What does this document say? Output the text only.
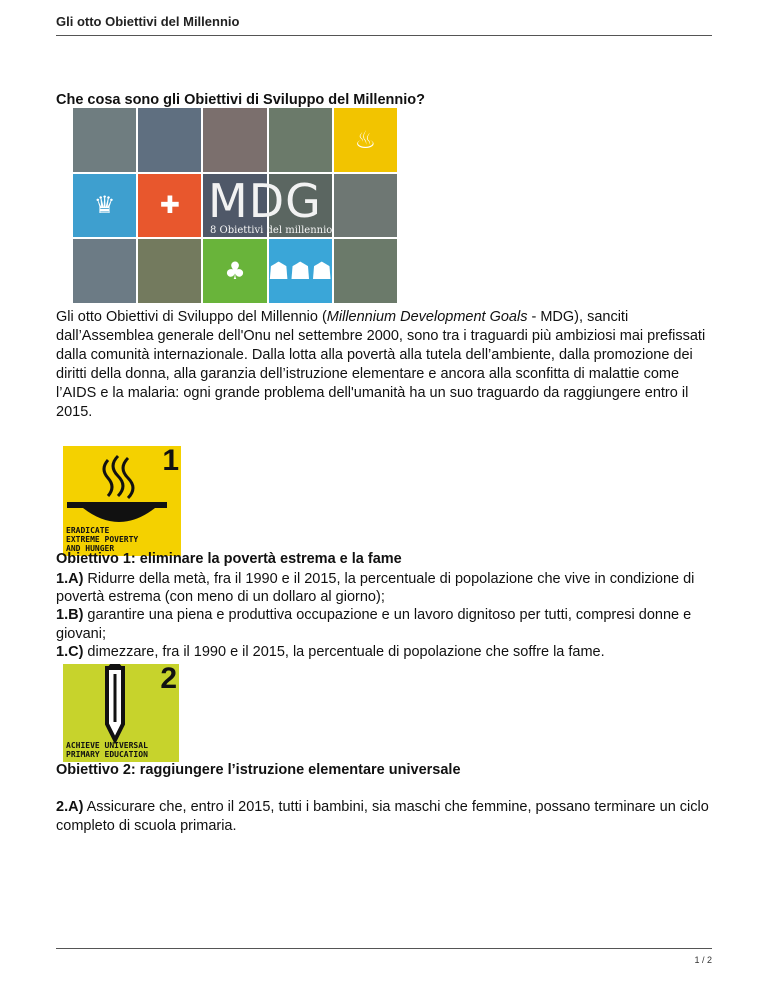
Gli otto Obiettivi del Millennio
Che cosa sono gli Obiettivi di Sviluppo del Millennio?
♨
♛	✚
♣ ☗☗☗
MDG
8 Obiettivi del millennio
Gli otto Obiettivi di Sviluppo del Millennio (Millennium Development Goals - MDG), sanciti dall’Assemblea generale dell'Onu nel settembre 2000, sono tra i traguardi più ambiziosi mai prefissati dalla comunità internazionale. Dalla lotta alla povertà alla tutela dell’ambiente, dalla promozione dei diritti della donna, alla garanzia dell’istruzione elementare e ancora alla sconfitta di malattie come l’AIDS e la malaria: ogni grande problema dell'umanità ha un suo traguardo da raggiungere entro il 2015.
1
ERADICATE
EXTREME POVERTY
AND HUNGER
Obiettivo 1: eliminare la povertà estrema e la fame
1.A) Ridurre della metà, fra il 1990 e il 2015, la percentuale di popolazione che vive in condizione di povertà estrema (con meno di un dollaro al giorno);
1.B) garantire una piena e produttiva occupazione e un lavoro dignitoso per tutti, compresi donne e giovani;
1.C) dimezzare, fra il 1990 e il 2015, la percentuale di popolazione che soffre la fame.
2
ACHIEVE UNIVERSAL
PRIMARY EDUCATION
Obiettivo 2: raggiungere l’istruzione elementare universale
2.A) Assicurare che, entro il 2015, tutti i bambini, sia maschi che femmine, possano terminare un ciclo completo di scuola primaria.
1 / 2
